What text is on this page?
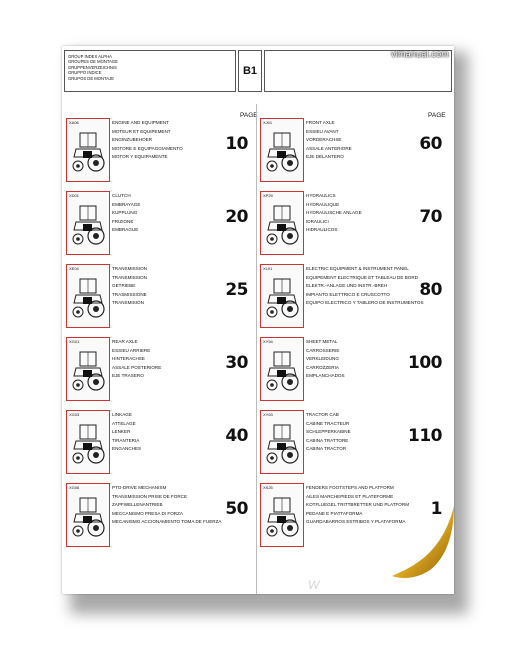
GROUP INDEX ALPHA
GROUPES DE MONTAGE
GRUPPENVERZEICHNIS
GRUPPO INDICE
GRUPOS DE MONTAJE
B1
vlmanual.com
PAGE	PAGE
XA06	ENGINE AND EQUIPMENT
MOTEUR ET EQUIPEMENT
ENGINZUBEHOER
MOTORE E EQUIPAGGIAMENTO
MOTOR Y EQUIPAMENTE
10
XD01	CLUTCH
EMBRAYAGE
KUPPLUNG
FRIZIONE
EMBRAGUE
20
XE04	TRANSMISSION
TRANSMISSION
GETRIEBE
TRASMISSIONE
TRANSMISION
25
XG01	REAR AXLE
ESSIEU ARRIERE
HINTERACHSE
ASSALE POSTERIORE
EJE TRASERO
30
XG03	LINKAGE
ATTELAGE
LENKER
TIRANTERIA
ENGANCHES
40
XG06	PTO-DRIVE MECHANISM
TRANSMISSION PRISE DE FORCE
ZAPFWELLENANTRIEB
MECCANISMO PRESA DI FORZA
MECANISMO ACCIONAMIENTO TOMA DE FUERZA
50
XJ01	FRONT AXLE
ESSIEU AVANT
VORDERACHSE
ASSALE ANTERIORE
EJE DELANTERO
60
XP29	HYDRAULICS
HYDRAULIQUE
HYDRAULISCHE ANLAGE
IDRAULICI
HIDRAULICOS
70
XL01	ELECTRIC EQUIPMENT & INSTRUMENT PANEL
EQUIPEMENT ELECTRIQUE ET TABLEAU DE BORD
ELEKTR.-ANLAGE UND INSTR.-BREH
IMPIANTO ELETTRICO E CRUSCOTTO
EQUIPO ELECTRICO Y TABLERO DE INSTRUMENTOS
80
XY54	SHEET METAL
CARROSSERIE
VERKLEIDUNG
CARROZZERIA
EMPLANCHADOS
100
XY63	TRACTOR CAB
CABINE TRACTEUR
SCHLEPPERKABINE
CABINA TRATTORE
CABINA TRACTOR
110
XS25	FENDERS FOOTSTEPS AND PLATFORM
AILES MARCHEPIEDS ET PLATEFORME
KOTFLUEGEL TRITTBRETTER UND PLATFORM
PEDANE E PIATTAFORMA
GUARDABARROS ESTRIBOS Y PLATAFORMA
1
W
